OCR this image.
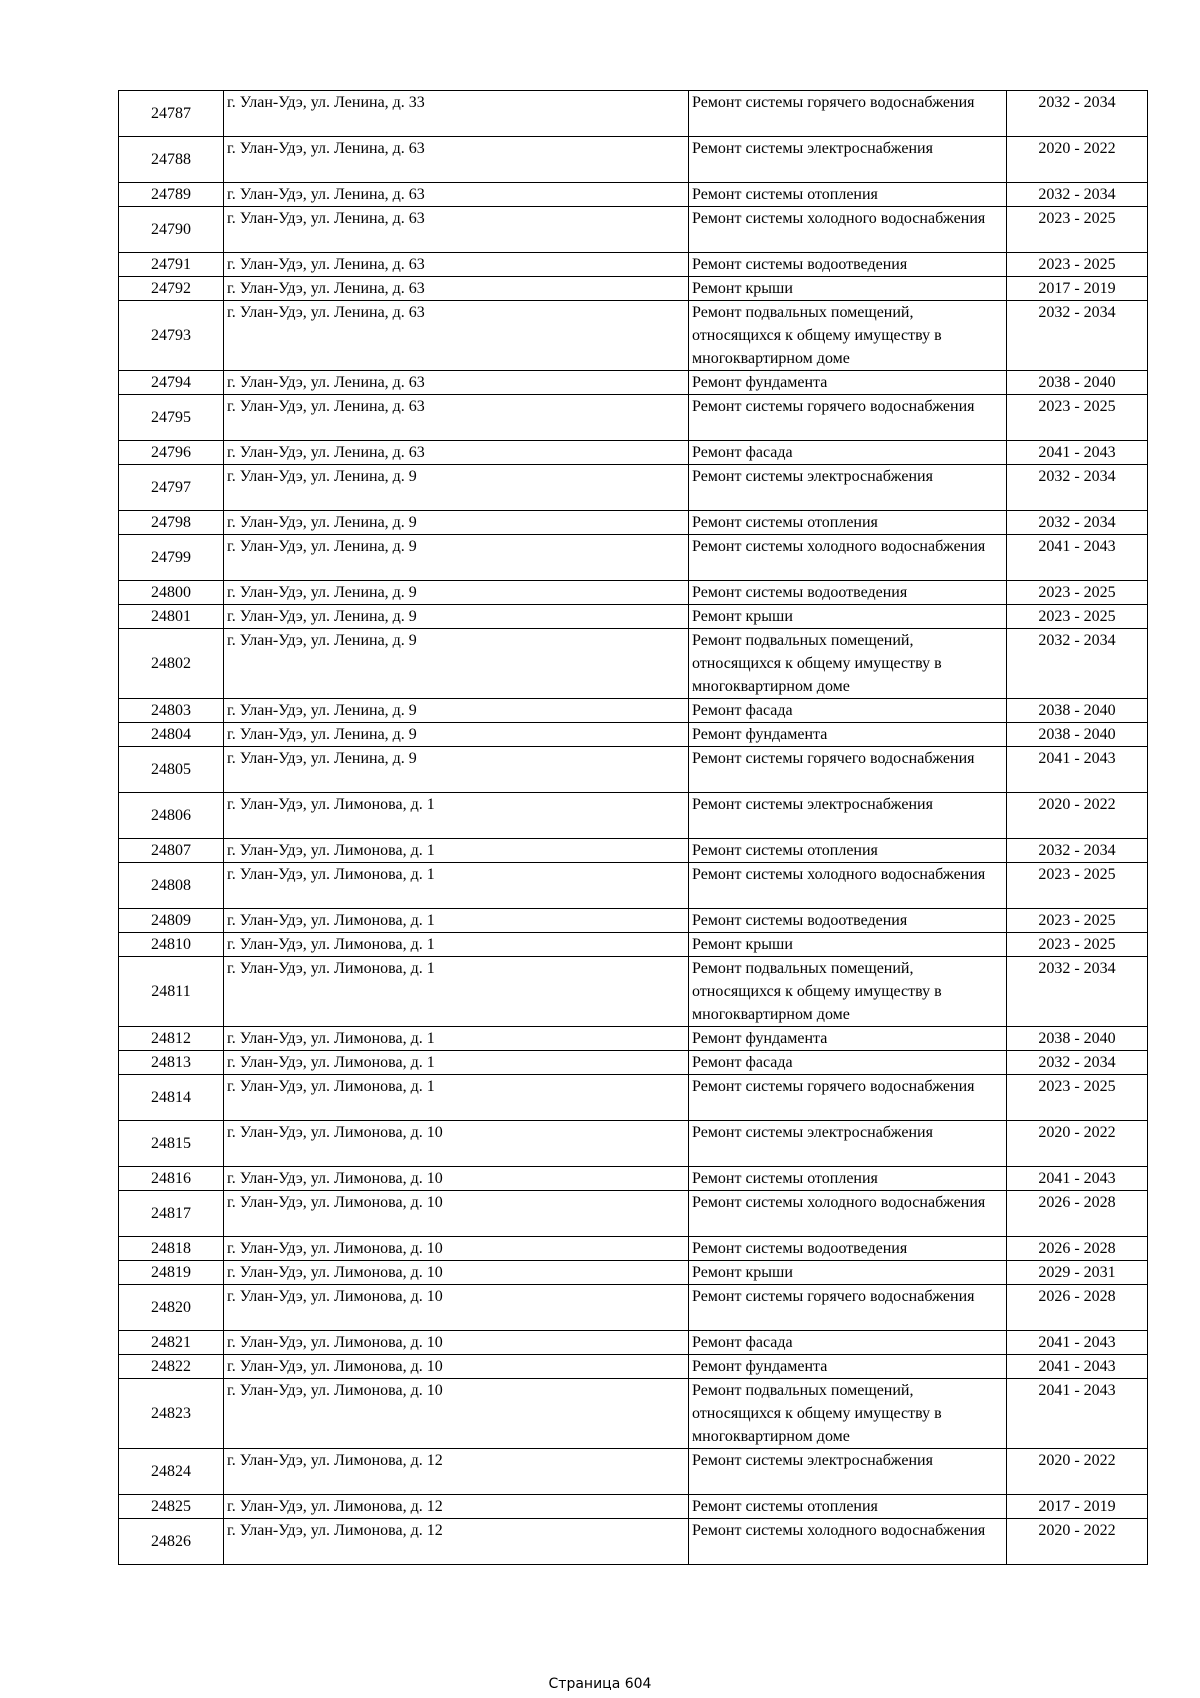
24787	г. Улан-Удэ, ул. Ленина, д. 33	Ремонт системы горячего водоснабжения	2032 - 2034
24788	г. Улан-Удэ, ул. Ленина, д. 63	Ремонт системы электроснабжения	2020 - 2022
24789	г. Улан-Удэ, ул. Ленина, д. 63	Ремонт системы отопления	2032 - 2034
24790	г. Улан-Удэ, ул. Ленина, д. 63	Ремонт системы холодного водоснабжения	2023 - 2025
24791	г. Улан-Удэ, ул. Ленина, д. 63	Ремонт системы водоотведения	2023 - 2025
24792	г. Улан-Удэ, ул. Ленина, д. 63	Ремонт крыши	2017 - 2019
24793	г. Улан-Удэ, ул. Ленина, д. 63	Ремонт подвальных помещений, относящихся к общему имуществу в многоквартирном доме	2032 - 2034
24794	г. Улан-Удэ, ул. Ленина, д. 63	Ремонт фундамента	2038 - 2040
24795	г. Улан-Удэ, ул. Ленина, д. 63	Ремонт системы горячего водоснабжения	2023 - 2025
24796	г. Улан-Удэ, ул. Ленина, д. 63	Ремонт фасада	2041 - 2043
24797	г. Улан-Удэ, ул. Ленина, д. 9	Ремонт системы электроснабжения	2032 - 2034
24798	г. Улан-Удэ, ул. Ленина, д. 9	Ремонт системы отопления	2032 - 2034
24799	г. Улан-Удэ, ул. Ленина, д. 9	Ремонт системы холодного водоснабжения	2041 - 2043
24800	г. Улан-Удэ, ул. Ленина, д. 9	Ремонт системы водоотведения	2023 - 2025
24801	г. Улан-Удэ, ул. Ленина, д. 9	Ремонт крыши	2023 - 2025
24802	г. Улан-Удэ, ул. Ленина, д. 9	Ремонт подвальных помещений, относящихся к общему имуществу в многоквартирном доме	2032 - 2034
24803	г. Улан-Удэ, ул. Ленина, д. 9	Ремонт фасада	2038 - 2040
24804	г. Улан-Удэ, ул. Ленина, д. 9	Ремонт фундамента	2038 - 2040
24805	г. Улан-Удэ, ул. Ленина, д. 9	Ремонт системы горячего водоснабжения	2041 - 2043
24806	г. Улан-Удэ, ул. Лимонова, д. 1	Ремонт системы электроснабжения	2020 - 2022
24807	г. Улан-Удэ, ул. Лимонова, д. 1	Ремонт системы отопления	2032 - 2034
24808	г. Улан-Удэ, ул. Лимонова, д. 1	Ремонт системы холодного водоснабжения	2023 - 2025
24809	г. Улан-Удэ, ул. Лимонова, д. 1	Ремонт системы водоотведения	2023 - 2025
24810	г. Улан-Удэ, ул. Лимонова, д. 1	Ремонт крыши	2023 - 2025
24811	г. Улан-Удэ, ул. Лимонова, д. 1	Ремонт подвальных помещений, относящихся к общему имуществу в многоквартирном доме	2032 - 2034
24812	г. Улан-Удэ, ул. Лимонова, д. 1	Ремонт фундамента	2038 - 2040
24813	г. Улан-Удэ, ул. Лимонова, д. 1	Ремонт фасада	2032 - 2034
24814	г. Улан-Удэ, ул. Лимонова, д. 1	Ремонт системы горячего водоснабжения	2023 - 2025
24815	г. Улан-Удэ, ул. Лимонова, д. 10	Ремонт системы электроснабжения	2020 - 2022
24816	г. Улан-Удэ, ул. Лимонова, д. 10	Ремонт системы отопления	2041 - 2043
24817	г. Улан-Удэ, ул. Лимонова, д. 10	Ремонт системы холодного водоснабжения	2026 - 2028
24818	г. Улан-Удэ, ул. Лимонова, д. 10	Ремонт системы водоотведения	2026 - 2028
24819	г. Улан-Удэ, ул. Лимонова, д. 10	Ремонт крыши	2029 - 2031
24820	г. Улан-Удэ, ул. Лимонова, д. 10	Ремонт системы горячего водоснабжения	2026 - 2028
24821	г. Улан-Удэ, ул. Лимонова, д. 10	Ремонт фасада	2041 - 2043
24822	г. Улан-Удэ, ул. Лимонова, д. 10	Ремонт фундамента	2041 - 2043
24823	г. Улан-Удэ, ул. Лимонова, д. 10	Ремонт подвальных помещений, относящихся к общему имуществу в многоквартирном доме	2041 - 2043
24824	г. Улан-Удэ, ул. Лимонова, д. 12	Ремонт системы электроснабжения	2020 - 2022
24825	г. Улан-Удэ, ул. Лимонова, д. 12	Ремонт системы отопления	2017 - 2019
24826	г. Улан-Удэ, ул. Лимонова, д. 12	Ремонт системы холодного водоснабжения	2020 - 2022
Страница 604
